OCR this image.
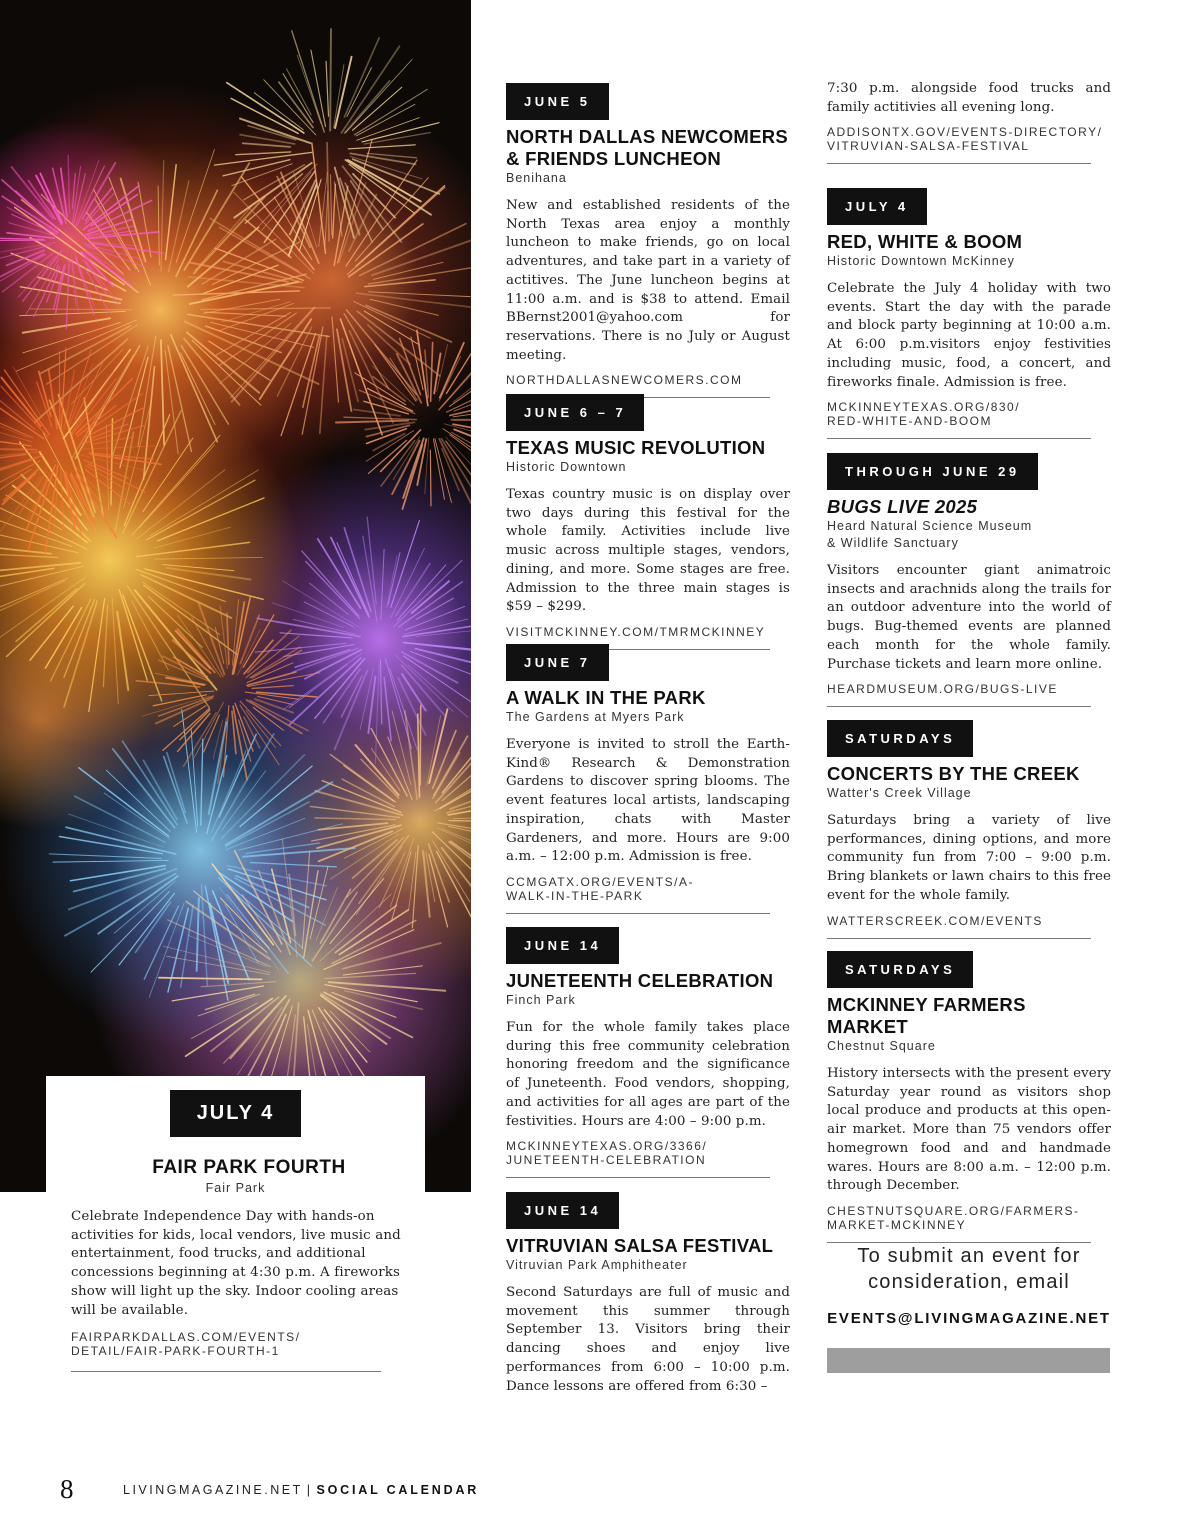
JULY 4
FAIR PARK FOURTH
Fair Park
Celebrate Independence Day with hands-on activities for kids, local vendors, live music and entertainment, food trucks, and additional concessions beginning at 4:30 p.m. A fireworks show will light up the sky. Indoor cooling areas will be available.
FAIRPARKDALLAS.COM/EVENTS/
DETAIL/FAIR-PARK-FOURTH-1
JUNE 5
NORTH DALLAS NEWCOMERS
& FRIENDS LUNCHEON
Benihana
New and established residents of the North Texas area enjoy a monthly luncheon to make friends, go on local adventures, and take part in a variety of actitives. The June luncheon begins at 11:00 a.m. and is $38 to attend. Email BBernst2001@yahoo.com for reservations. There is no July or August meeting.
NORTHDALLASNEWCOMERS.COM
JUNE 6 – 7
TEXAS MUSIC REVOLUTION
Historic Downtown
Texas country music is on display over two days during this festival for the whole family. Activities include live music across multiple stages, vendors, dining, and more. Some stages are free. Admission to the three main stages is $59 – $299.
VISITMCKINNEY.COM/TMRMCKINNEY
JUNE 7
A WALK IN THE PARK
The Gardens at Myers Park
Everyone is invited to stroll the Earth-Kind® Research & Demonstration Gardens to discover spring blooms. The event features local artists, landscaping inspiration, chats with Master Gardeners, and more. Hours are 9:00 a.m. – 12:00 p.m. Admission is free.
CCMGATX.ORG/EVENTS/A-
WALK-IN-THE-PARK
JUNE 14
JUNETEENTH CELEBRATION
Finch Park
Fun for the whole family takes place during this free community celebration honoring freedom and the significance of Juneteenth. Food vendors, shopping, and activities for all ages are part of the festivities. Hours are 4:00 – 9:00 p.m.
MCKINNEYTEXAS.ORG/3366/
JUNETEENTH-CELEBRATION
JUNE 14
VITRUVIAN SALSA FESTIVAL
Vitruvian Park Amphitheater
Second Saturdays are full of music and movement this summer through September 13. Visitors bring their dancing shoes and enjoy live performances from 6:00 – 10:00 p.m. Dance lessons are offered from 6:30 –
7:30 p.m. alongside food trucks and family actitivies all evening long.
ADDISONTX.GOV/EVENTS-DIRECTORY/
VITRUVIAN-SALSA-FESTIVAL
JULY 4
RED, WHITE & BOOM
Historic Downtown McKinney
Celebrate the July 4 holiday with two events. Start the day with the parade and block party beginning at 10:00 a.m. At 6:00 p.m.visitors enjoy festivities including music, food, a concert, and fireworks finale. Admission is free.
MCKINNEYTEXAS.ORG/830/
RED-WHITE-AND-BOOM
THROUGH JUNE 29
BUGS LIVE 2025
Heard Natural Science Museum
& Wildlife Sanctuary
Visitors encounter giant animatroic insects and arachnids along the trails for an outdoor adventure into the world of bugs. Bug-themed events are planned each month for the whole family. Purchase tickets and learn more online.
HEARDMUSEUM.ORG/BUGS-LIVE
SATURDAYS
CONCERTS BY THE CREEK
Watter's Creek Village
Saturdays bring a variety of live performances, dining options, and more community fun from 7:00 – 9:00 p.m. Bring blankets or lawn chairs to this free event for the whole family.
WATTERSCREEK.COM/EVENTS
SATURDAYS
MCKINNEY FARMERS MARKET
Chestnut Square
History intersects with the present every Saturday year round as visitors shop local produce and products at this open-air market. More than 75 vendors offer homegrown food and and handmade wares. Hours are 8:00 a.m. – 12:00 p.m. through December.
CHESTNUTSQUARE.ORG/FARMERS-
MARKET-MCKINNEY
To submit an event for
consideration, email
EVENTS@LIVINGMAGAZINE.NET
8	LIVINGMAGAZINE.NET | SOCIAL CALENDAR
